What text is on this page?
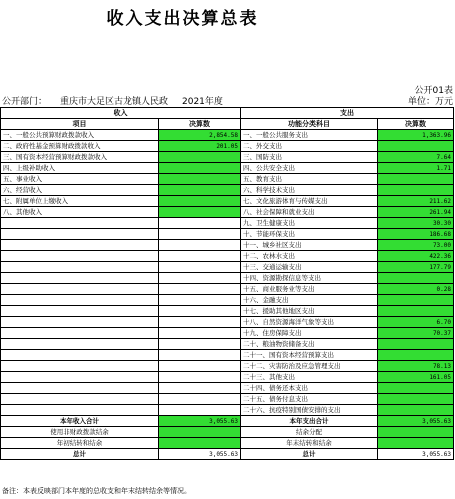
收入支出决算总表
公开01表
公开部门： 重庆市大足区古龙镇人民政 2021年度	单位：万元
收入		支出	
项目	决算数	功能分类科目	决算数
一、一般公共预算财政拨款收入	2,854.58	一、一般公共服务支出	1,363.96
二、政府性基金预算财政拨款收入	201.05	二、外交支出	
三、国有资本经营预算财政拨款收入		三、国防支出	7.64
四、上级补助收入		四、公共安全支出	1.71
五、事业收入		五、教育支出	
六、经营收入		六、科学技术支出	
七、附属单位上缴收入		七、文化旅游体育与传媒支出	211.62
八、其他收入		八、社会保障和就业支出	261.94
		九、卫生健康支出	30.30
		十、节能环保支出	186.68
		十一、城乡社区支出	73.00
		十二、农林水支出	422.36
		十三、交通运输支出	177.79
		十四、资源勘探信息等支出	
		十五、商业服务业等支出	0.28
		十六、金融支出	
		十七、援助其他地区支出	
		十八、自然资源海洋气象等支出	6.70
		十九、住房保障支出	70.37
		二十、粮油物资储备支出	
		二十一、国有资本经营预算支出	
		二十二、灾害防治及应急管理支出	78.13
		二十三、其他支出	161.05
		二十四、债务还本支出	
		二十五、债务付息支出	
		二十六、抗疫特别国债安排的支出	
本年收入合计	3,055.63	本年支出合计	3,055.63
使用非财政拨款结余		结余分配	
年初结转和结余		年末结转和结余	
总计	3,055.63	总计	3,055.63
备注：本表反映部门本年度的总收支和年末结转结余等情况。
